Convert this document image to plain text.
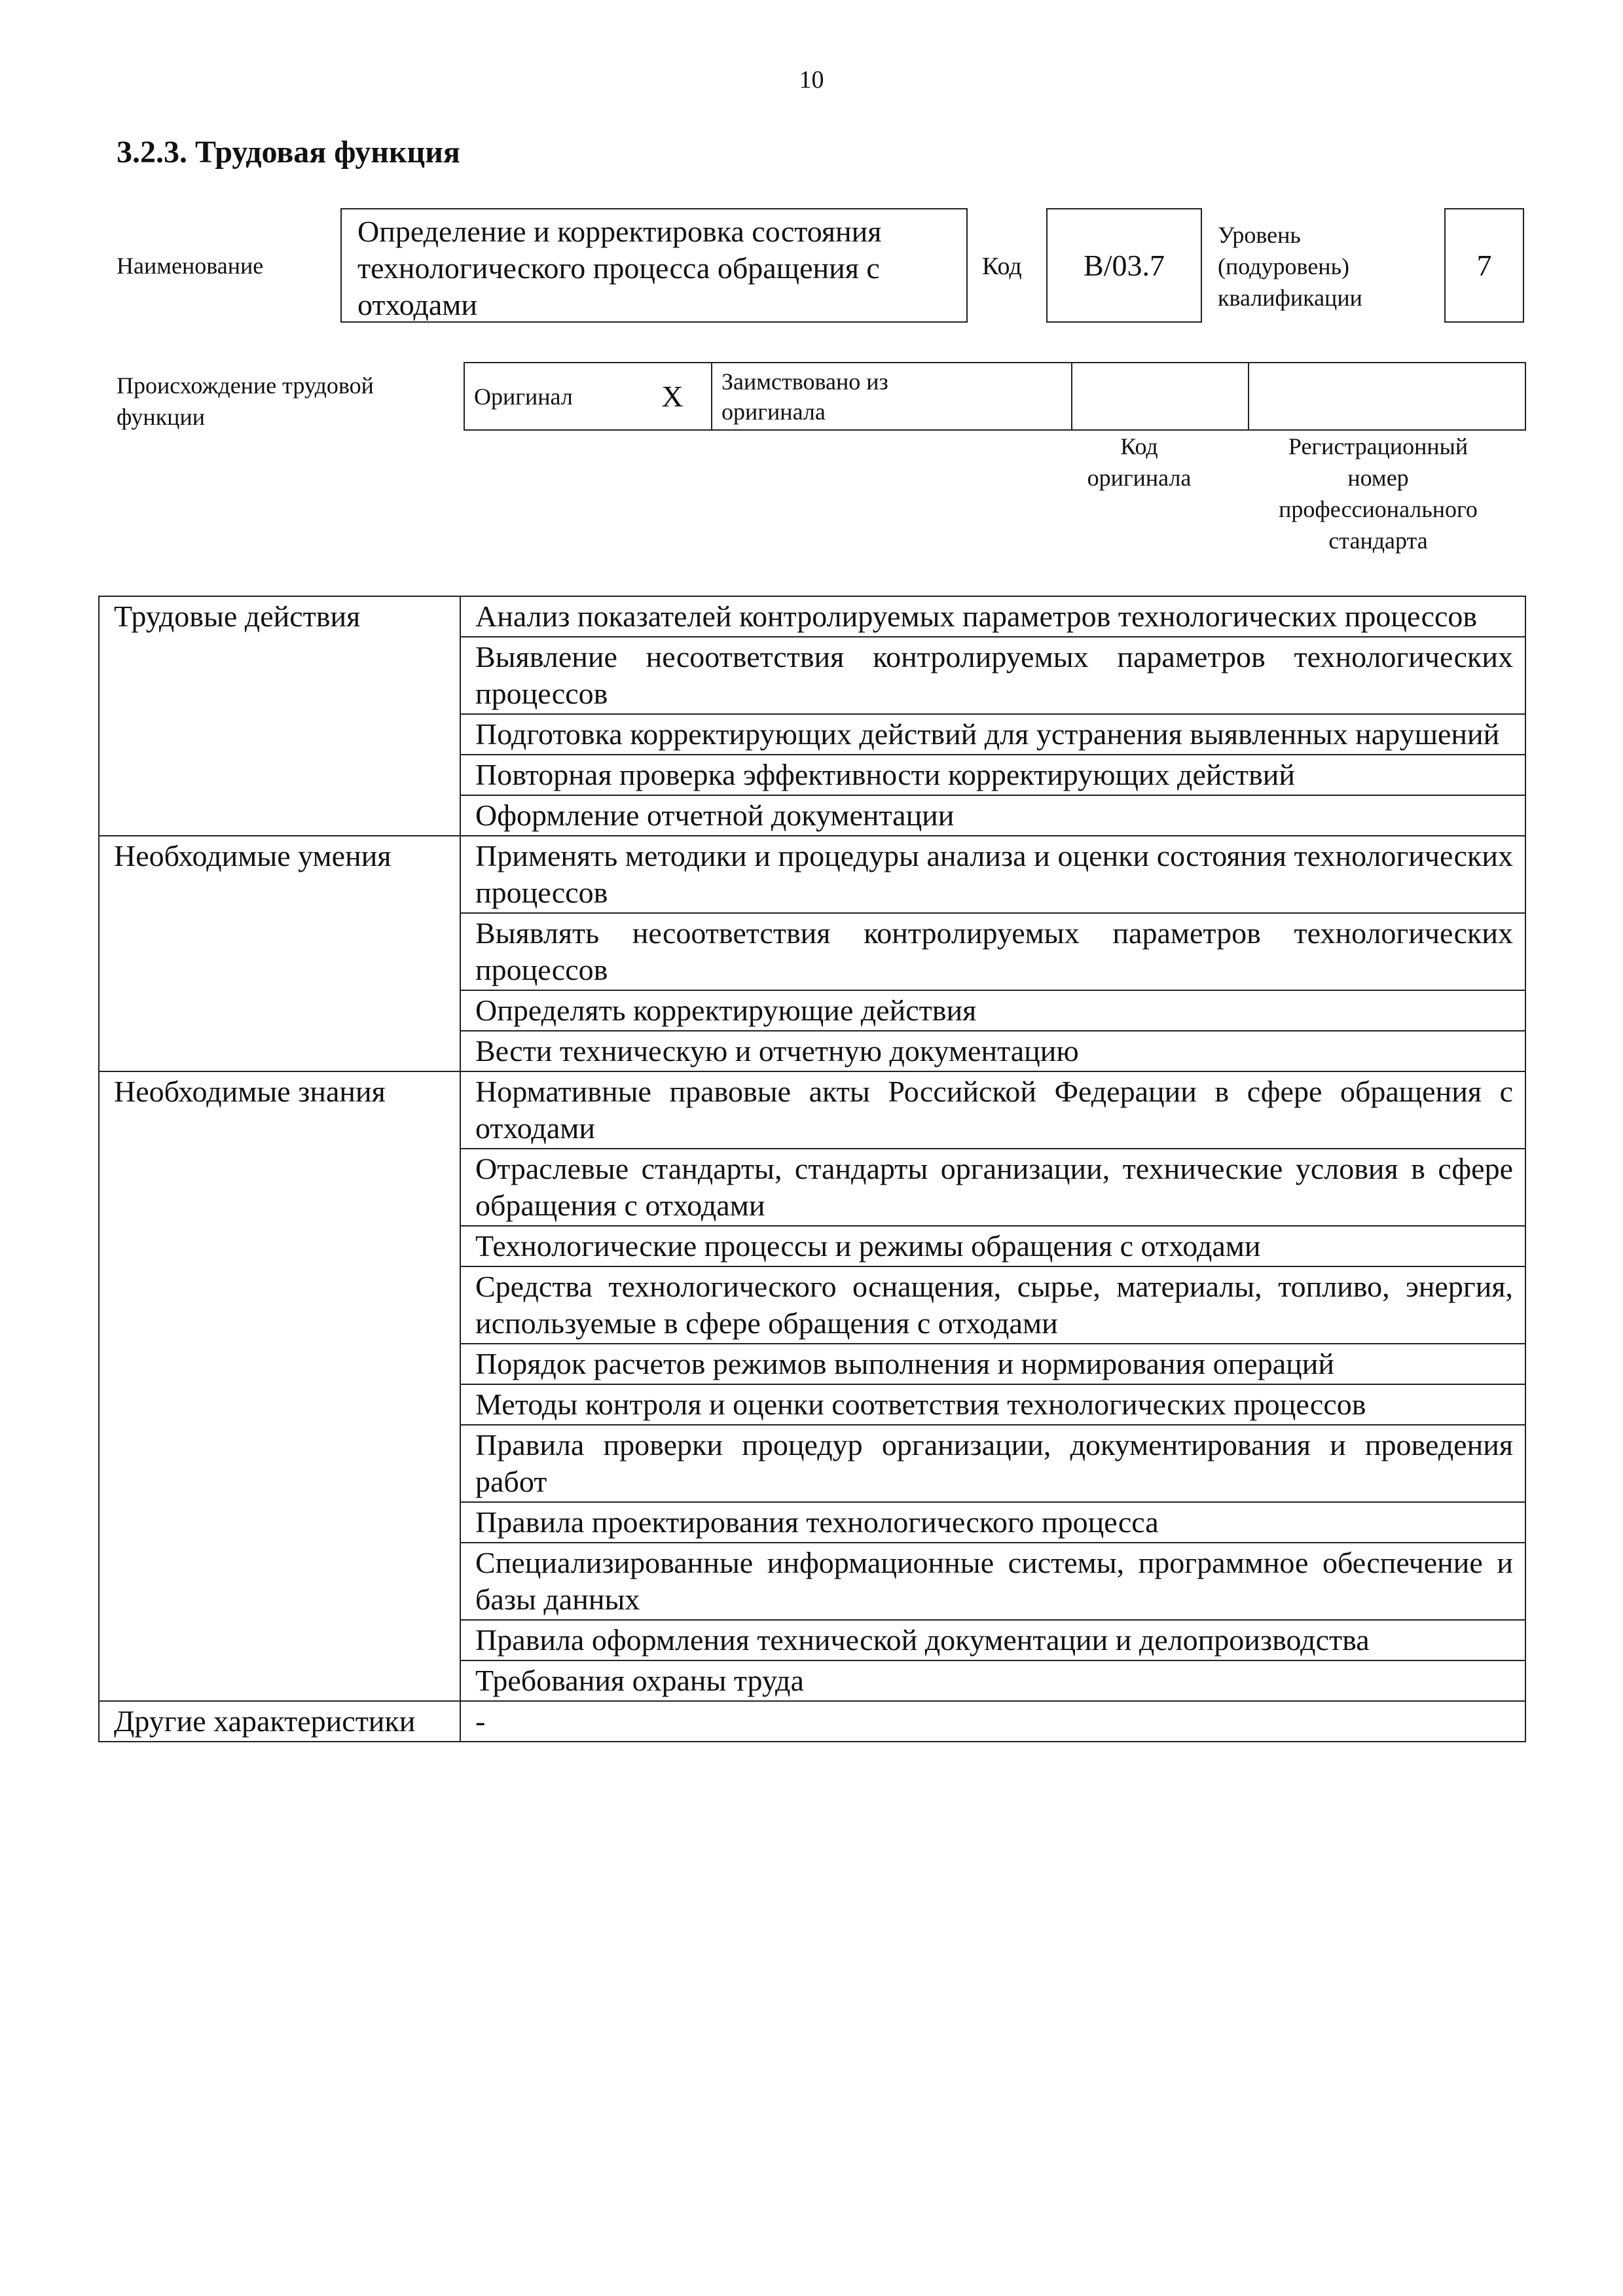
10
3.2.3. Трудовая функция
Наименование
Определение и корректировка состояния технологического процесса обращения с отходами
Код	B/03.7
Уровень
(подуровень)
квалификации
7
Происхождение трудовой
функции
Оригинал	X	Заимствовано из
оригинала

Код
оригинала
Регистрационный
номер
профессионального
стандарта
Трудовые действия	Анализ показателей контролируемых параметров технологических процессов
	Выявление несоответствия контролируемых параметров технологических процессов
	Подготовка корректирующих действий для устранения выявленных нарушений
	Повторная проверка эффективности корректирующих действий
	Оформление отчетной документации
Необходимые умения	Применять методики и процедуры анализа и оценки состояния технологических процессов
	Выявлять несоответствия контролируемых параметров технологических процессов
	Определять корректирующие действия
	Вести техническую и отчетную документацию
Необходимые знания	Нормативные правовые акты Российской Федерации в сфере обращения с отходами
	Отраслевые стандарты, стандарты организации, технические условия в сфере обращения с отходами
	Технологические процессы и режимы обращения с отходами
	Средства технологического оснащения, сырье, материалы, топливо, энергия, используемые в сфере обращения с отходами
	Порядок расчетов режимов выполнения и нормирования операций
	Методы контроля и оценки соответствия технологических процессов
	Правила проверки процедур организации, документирования и проведения работ
	Правила проектирования технологического процесса
	Специализированные информационные системы, программное обеспечение и базы данных
	Правила оформления технической документации и делопроизводства
	Требования охраны труда
Другие характеристики	-
